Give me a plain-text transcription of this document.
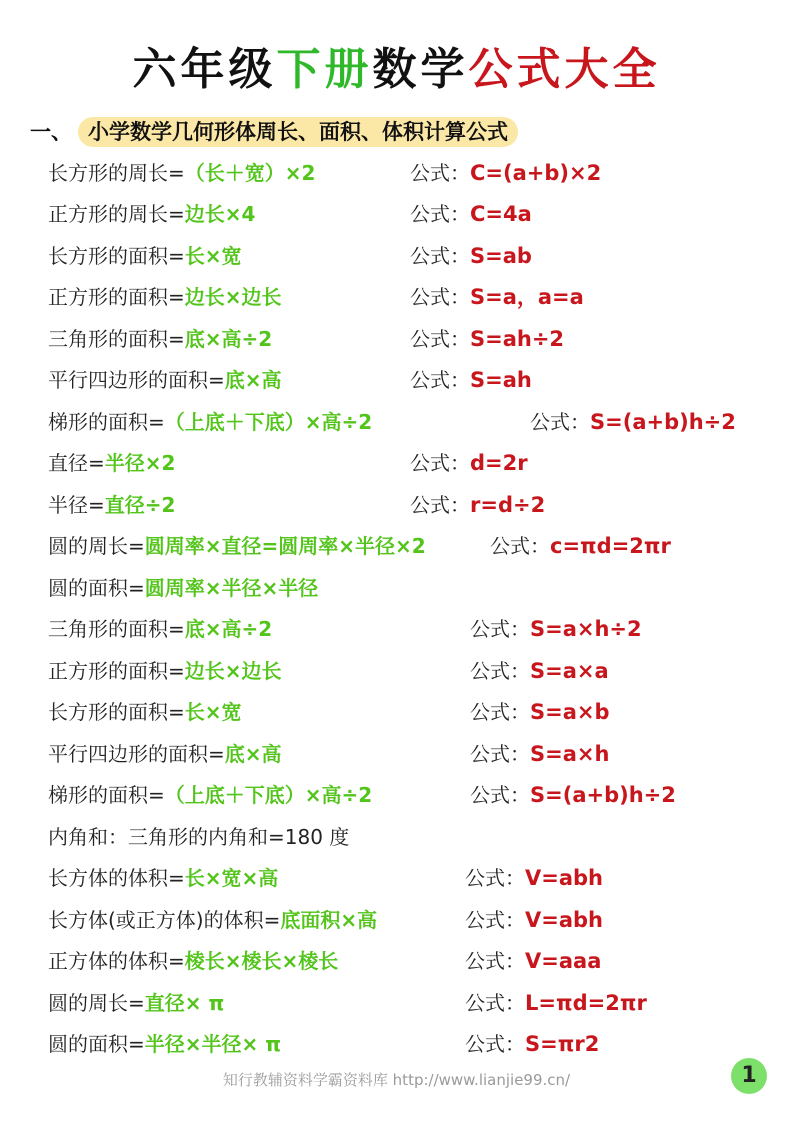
六年级下册数学公式大全
一、 小学数学几何形体周长、面积、体积计算公式
长方形的周长=（长＋宽）×2	公式：C=(a+b)×2
正方形的周长=边长×4	公式：C=4a
长方形的面积=长×宽	公式：S=ab
正方形的面积=边长×边长	公式：S=a，a=a
三角形的面积=底×高÷2	公式：S=ah÷2
平行四边形的面积=底×高	公式：S=ah
梯形的面积=（上底＋下底）×高÷2	公式：S=(a+b)h÷2
直径=半径×2	公式：d=2r
半径=直径÷2	公式：r=d÷2
圆的周长=圆周率×直径=圆周率×半径×2	公式：c=πd=2πr
圆的面积=圆周率×半径×半径
三角形的面积=底×高÷2	公式：S=a×h÷2
正方形的面积=边长×边长	公式：S=a×a
长方形的面积=长×宽	公式：S=a×b
平行四边形的面积=底×高	公式：S=a×h
梯形的面积=（上底＋下底）×高÷2	公式：S=(a+b)h÷2
内角和：三角形的内角和=180 度
长方体的体积=长×宽×高	公式：V=abh
长方体(或正方体)的体积=底面积×高	公式：V=abh
正方体的体积=棱长×棱长×棱长	公式：V=aaa
圆的周长=直径× π	公式：L=πd=2πr
圆的面积=半径×半径× π	公式：S=πr2
知行教辅资料学霸资料库 http://www.lianjie99.cn/	1
